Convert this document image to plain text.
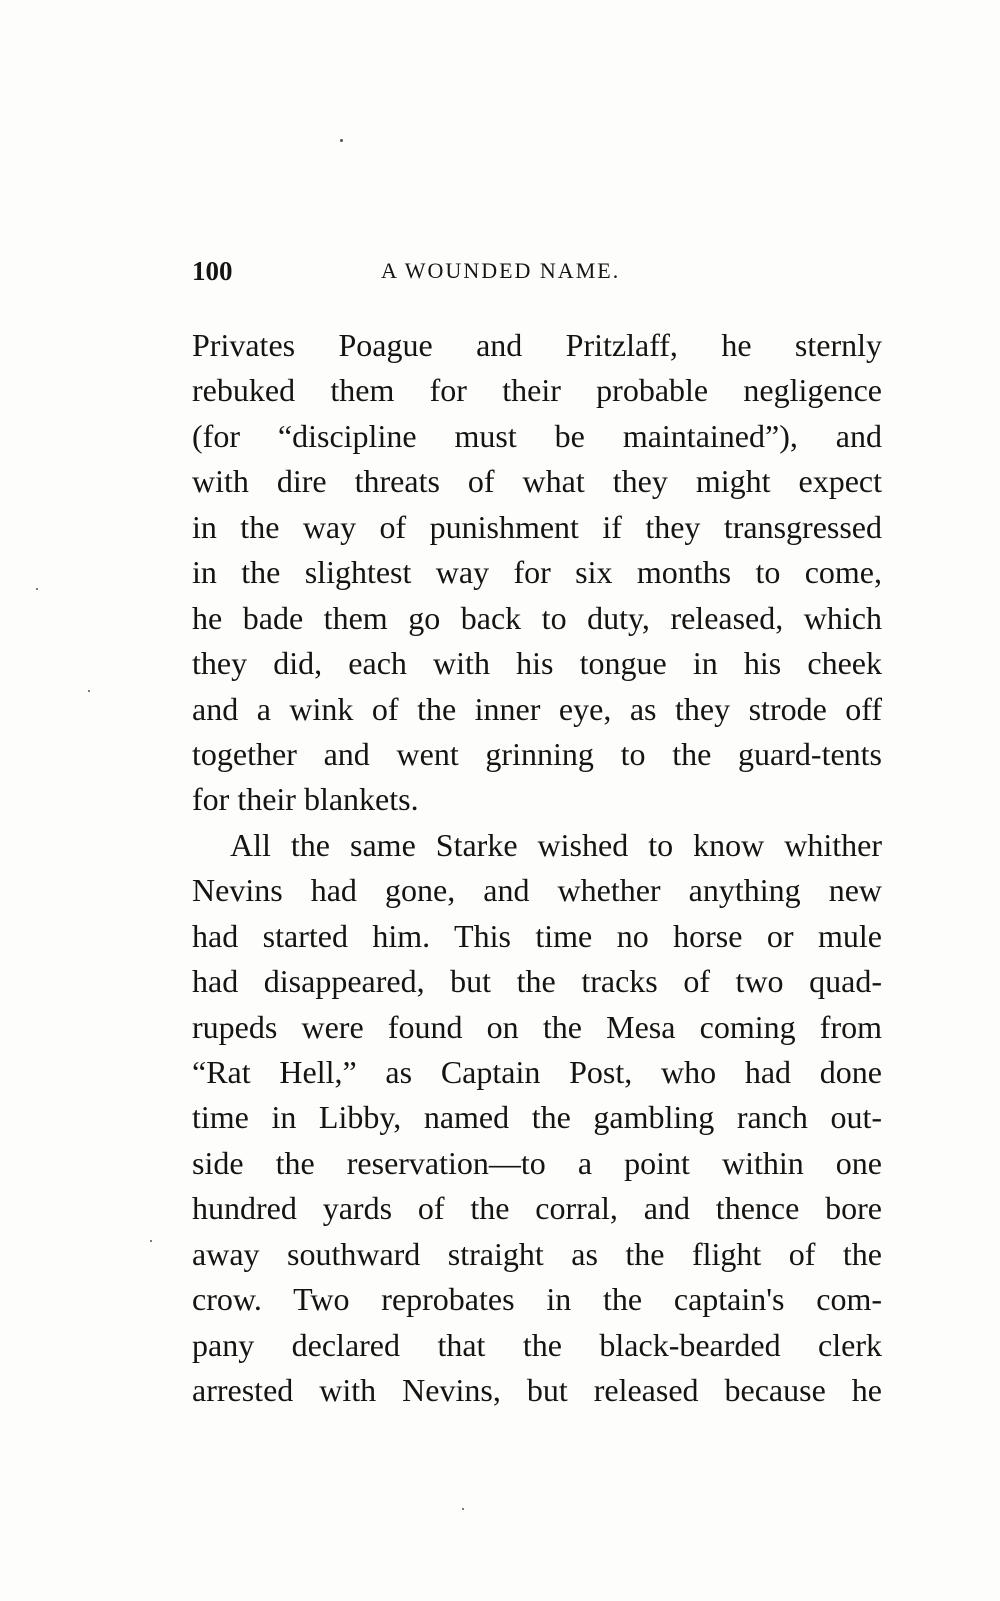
100	A WOUNDED NAME.
Privates Poague and Pritzlaff, he sternly
rebuked them for their probable negligence
(for “discipline must be maintained”), and
with dire threats of what they might expect
in the way of punishment if they transgressed
in the slightest way for six months to come,
he bade them go back to duty, released, which
they did, each with his tongue in his cheek
and a wink of the inner eye, as they strode off
together and went grinning to the guard-tents
for their blankets.
All the same Starke wished to know whither
Nevins had gone, and whether anything new
had started him. This time no horse or mule
had disappeared, but the tracks of two quad-
rupeds were found on the Mesa coming from
“Rat Hell,” as Captain Post, who had done
time in Libby, named the gambling ranch out-
side the reservation—to a point within one
hundred yards of the corral, and thence bore
away southward straight as the flight of the
crow. Two reprobates in the captain's com-
pany declared that the black-bearded clerk
arrested with Nevins, but released because he
